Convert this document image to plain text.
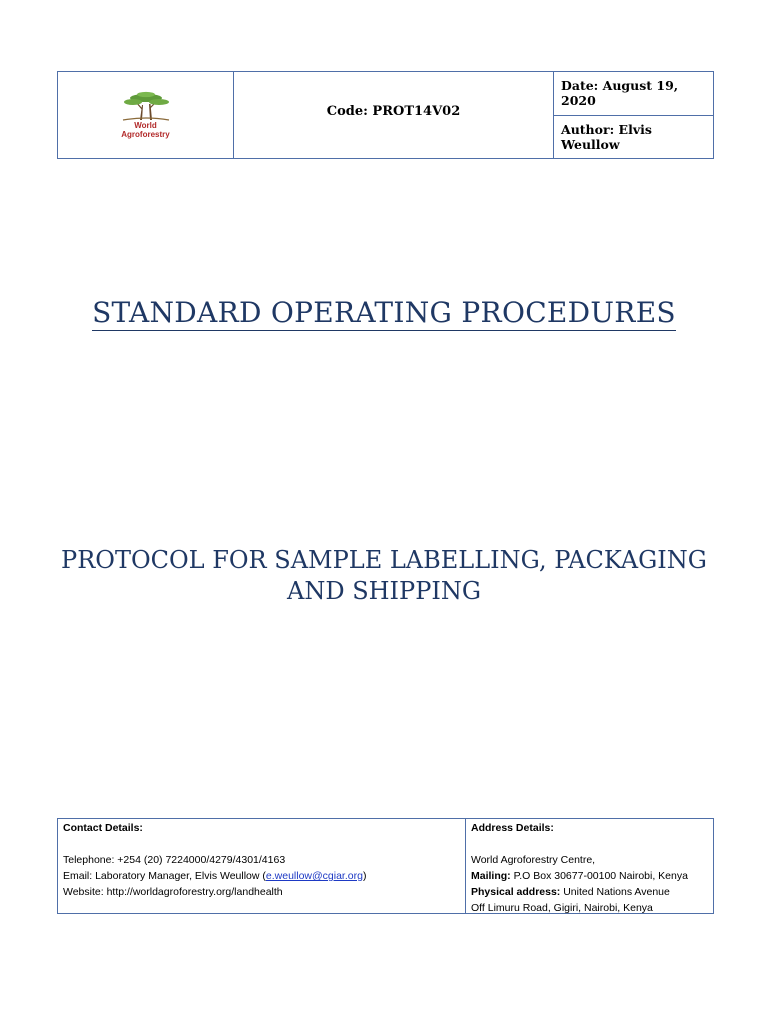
World
Agroforestry
Code: PROT14V02
Date: August 19, 2020
Author: Elvis Weullow
STANDARD OPERATING PROCEDURES
PROTOCOL FOR SAMPLE LABELLING, PACKAGING AND SHIPPING
Contact Details:
Telephone: +254 (20) 7224000/4279/4301/4163
Email: Laboratory Manager, Elvis Weullow (e.weullow@cgiar.org)
Website: http://worldagroforestry.org/landhealth
Address Details:
World Agroforestry Centre,
Mailing: P.O Box 30677-00100 Nairobi, Kenya
Physical address: United Nations Avenue
Off Limuru Road, Gigiri, Nairobi, Kenya
